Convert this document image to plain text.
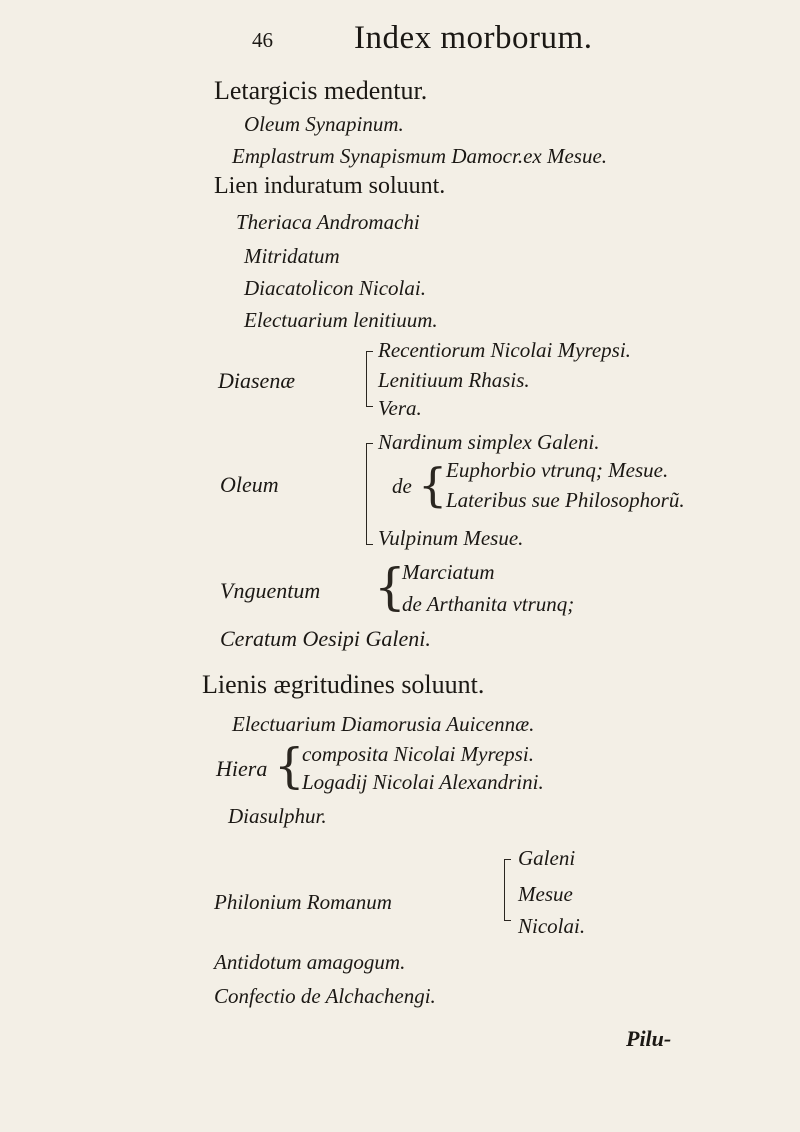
46 Index morborum.
Letargicis medentur.
Oleum Synapinum.
Emplastrum Synapismum Damocr.ex Mesue.
Lien induratum soluunt.
Theriaca Andromachi
Mitridatum
Diacatolicon Nicolai.
Electuarium lenitiuum.
Diasenæ
Recentiorum Nicolai Myrepsi.
Lenitiuum Rhasis.
Vera.
Oleum
Nardinum simplex Galeni.
de {
Euphorbio vtrunq; Mesue.
Lateribus sue Philosophorũ.
Vulpinum Mesue.
Vnguentum {
Marciatum
de Arthanita vtrunq;
Ceratum Oesipi Galeni.
Lienis ægritudines soluunt.
Electuarium Diamorusia Auicennæ.
Hiera {
composita Nicolai Myrepsi.
Logadij Nicolai Alexandrini.
Diasulphur.
Philonium Romanum
Galeni
Mesue
Nicolai.
Antidotum amagogum.
Confectio de Alchachengi.
Pilu-
